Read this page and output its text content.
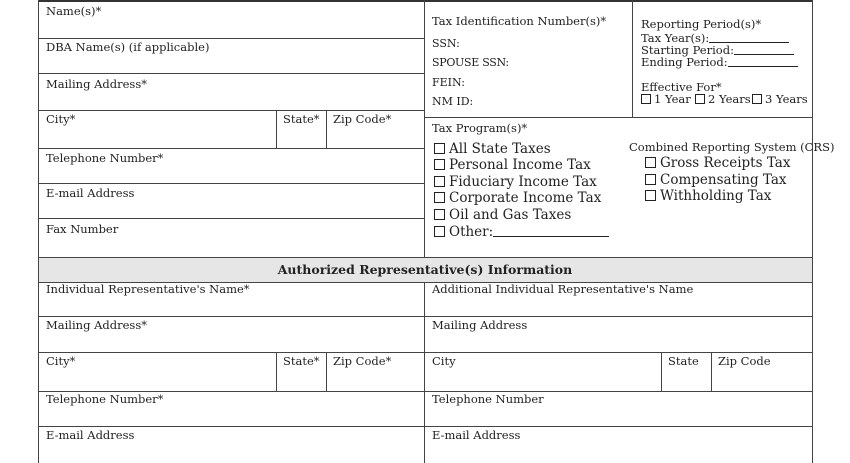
Name(s)*
DBA Name(s) (if applicable)
Mailing Address*
City*	State* Zip Code*
Telephone Number*
E-mail Address
Fax Number
Tax Identification Number(s)*
SSN:
SPOUSE SSN:
FEIN:
NM ID:
Reporting Period(s)*
Tax Year(s):
Starting Period:
Ending Period:
Effective For*
1 Year	2 Years	3 Years
Tax Program(s)*
All State Taxes
Personal Income Tax
Fiduciary Income Tax
Corporate Income Tax
Oil and Gas Taxes
Other:
Combined Reporting System (CRS)
Gross Receipts Tax
Compensating Tax
Withholding Tax
Authorized Representative(s) Information
Individual Representative's Name*
Mailing Address*
City*	State* Zip Code*
Telephone Number*
E-mail Address
Additional Individual Representative's Name
Mailing Address
City	State Zip Code
Telephone Number
E-mail Address
